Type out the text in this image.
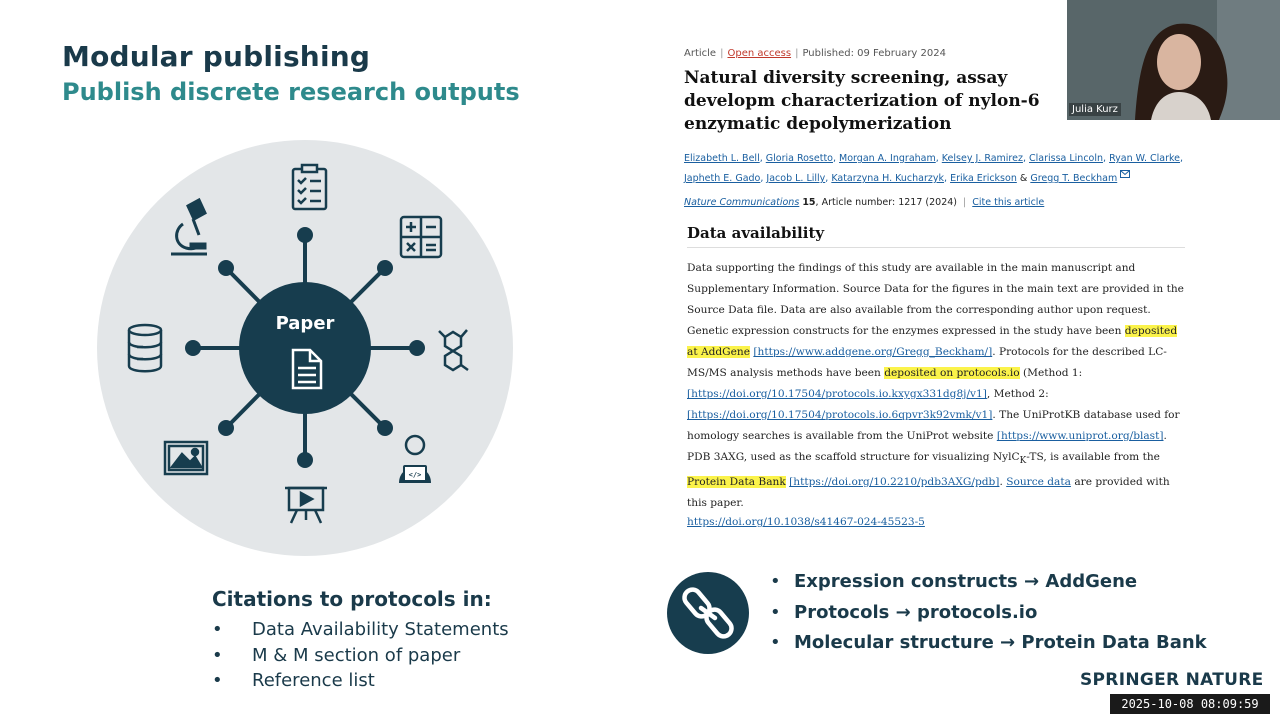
Modular publishing
Publish discrete research outputs
Paper
</>
Article | Open access | Published: 09 February 2024
Natural diversity screening, assay developm characterization of nylon-6 enzymatic depolymerization
Elizabeth L. Bell, Gloria Rosetto, Morgan A. Ingraham, Kelsey J. Ramirez, Clarissa Lincoln, Ryan W. Clarke,
Japheth E. Gado, Jacob L. Lilly, Katarzyna H. Kucharzyk, Erika Erickson & Gregg T. Beckham
Nature Communications 15, Article number: 1217 (2024) | Cite this article
Data availability
Data supporting the findings of this study are available in the main manuscript and Supplementary Information. Source Data for the figures in the main text are provided in the Source Data file. Data are also available from the corresponding author upon request. Genetic expression constructs for the enzymes expressed in the study have been deposited at AddGene [https://www.addgene.org/Gregg_Beckham/]. Protocols for the described LC-MS/MS analysis methods have been deposited on protocols.io (Method 1: [https://doi.org/10.17504/protocols.io.kxygx331dg8j/v1], Method 2: [https://doi.org/10.17504/protocols.io.6qpvr3k92vmk/v1]. The UniProtKB database used for homology searches is available from the UniProt website [https://www.uniprot.org/blast]. PDB 3AXG, used as the scaffold structure for visualizing NylC$_K$-TS, is available from the Protein Data Bank [https://doi.org/10.2210/pdb3AXG/pdb]. Source data are provided with this paper.
https://doi.org/10.1038/s41467-024-45523-5
Julia Kurz
Citations to protocols in:
• Data Availability Statements
• M & M section of paper
• Reference list
• Expression constructs → AddGene
• Protocols → protocols.io
• Molecular structure → Protein Data Bank
SPRINGER NATURE
2025-10-08 08:09:59
